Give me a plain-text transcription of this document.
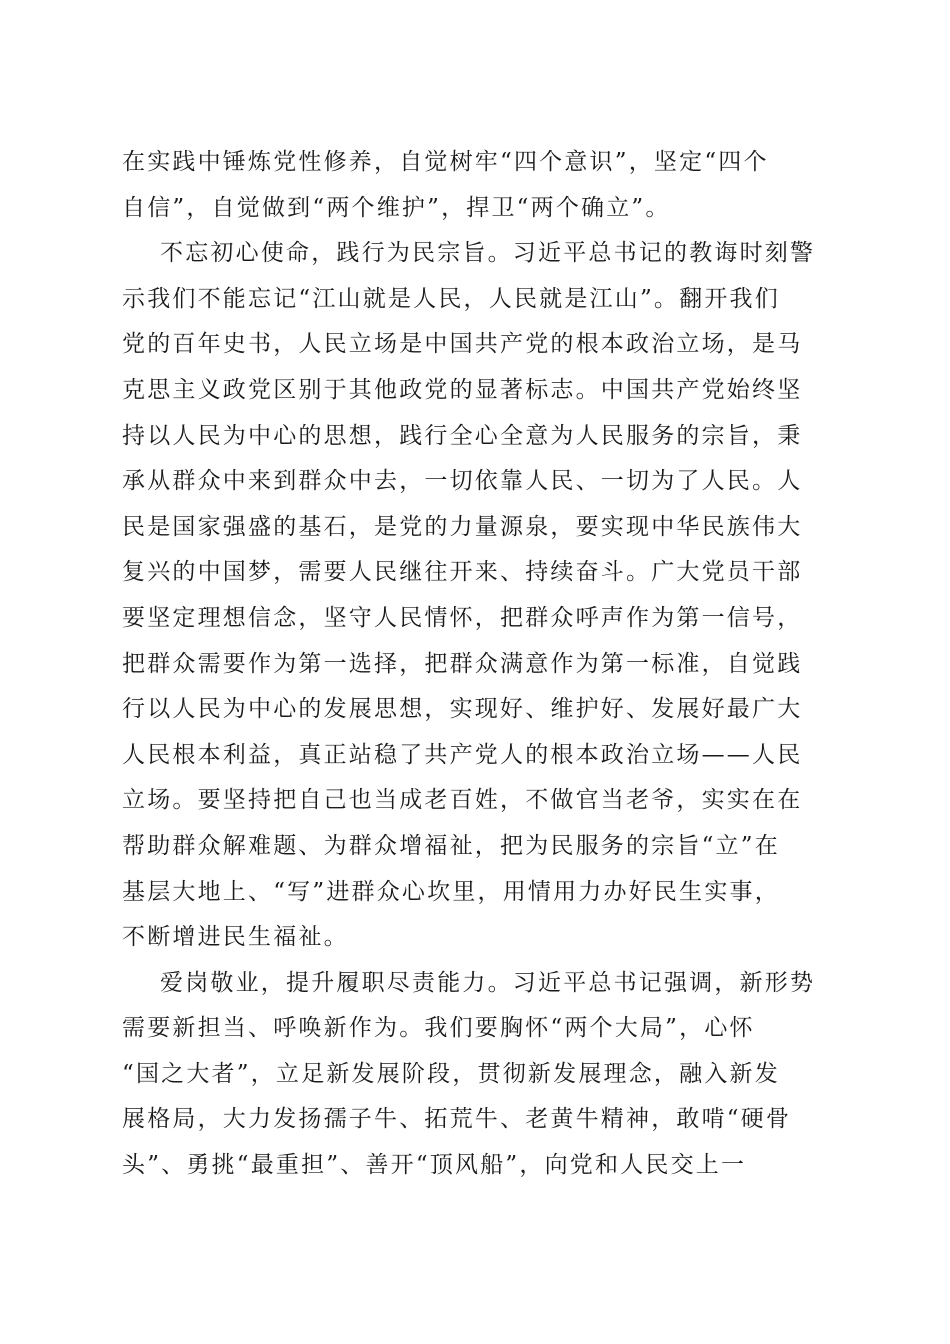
在实践中锤炼党性修养，自觉树牢“四个意识”，坚定“四个
自信”，自觉做到“两个维护”，捍卫“两个确立”。
不忘初心使命，践行为民宗旨。习近平总书记的教诲时刻警
示我们不能忘记“江山就是人民，人民就是江山”。翻开我们
党的百年史书，人民立场是中国共产党的根本政治立场，是马
克思主义政党区别于其他政党的显著标志。中国共产党始终坚
持以人民为中心的思想，践行全心全意为人民服务的宗旨，秉
承从群众中来到群众中去，一切依靠人民、一切为了人民。人
民是国家强盛的基石，是党的力量源泉，要实现中华民族伟大
复兴的中国梦，需要人民继往开来、持续奋斗。广大党员干部
要坚定理想信念，坚守人民情怀，把群众呼声作为第一信号，
把群众需要作为第一选择，把群众满意作为第一标准，自觉践
行以人民为中心的发展思想，实现好、维护好、发展好最广大
人民根本利益，真正站稳了共产党人的根本政治立场——人民
立场。要坚持把自己也当成老百姓，不做官当老爷，实实在在
帮助群众解难题、为群众增福祉，把为民服务的宗旨“立”在
基层大地上、“写”进群众心坎里，用情用力办好民生实事，
不断增进民生福祉。
爱岗敬业，提升履职尽责能力。习近平总书记强调，新形势
需要新担当、呼唤新作为。我们要胸怀“两个大局”，心怀
“国之大者”，立足新发展阶段，贯彻新发展理念，融入新发
展格局，大力发扬孺子牛、拓荒牛、老黄牛精神，敢啃“硬骨
头”、勇挑“最重担”、善开“顶风船”，向党和人民交上一
